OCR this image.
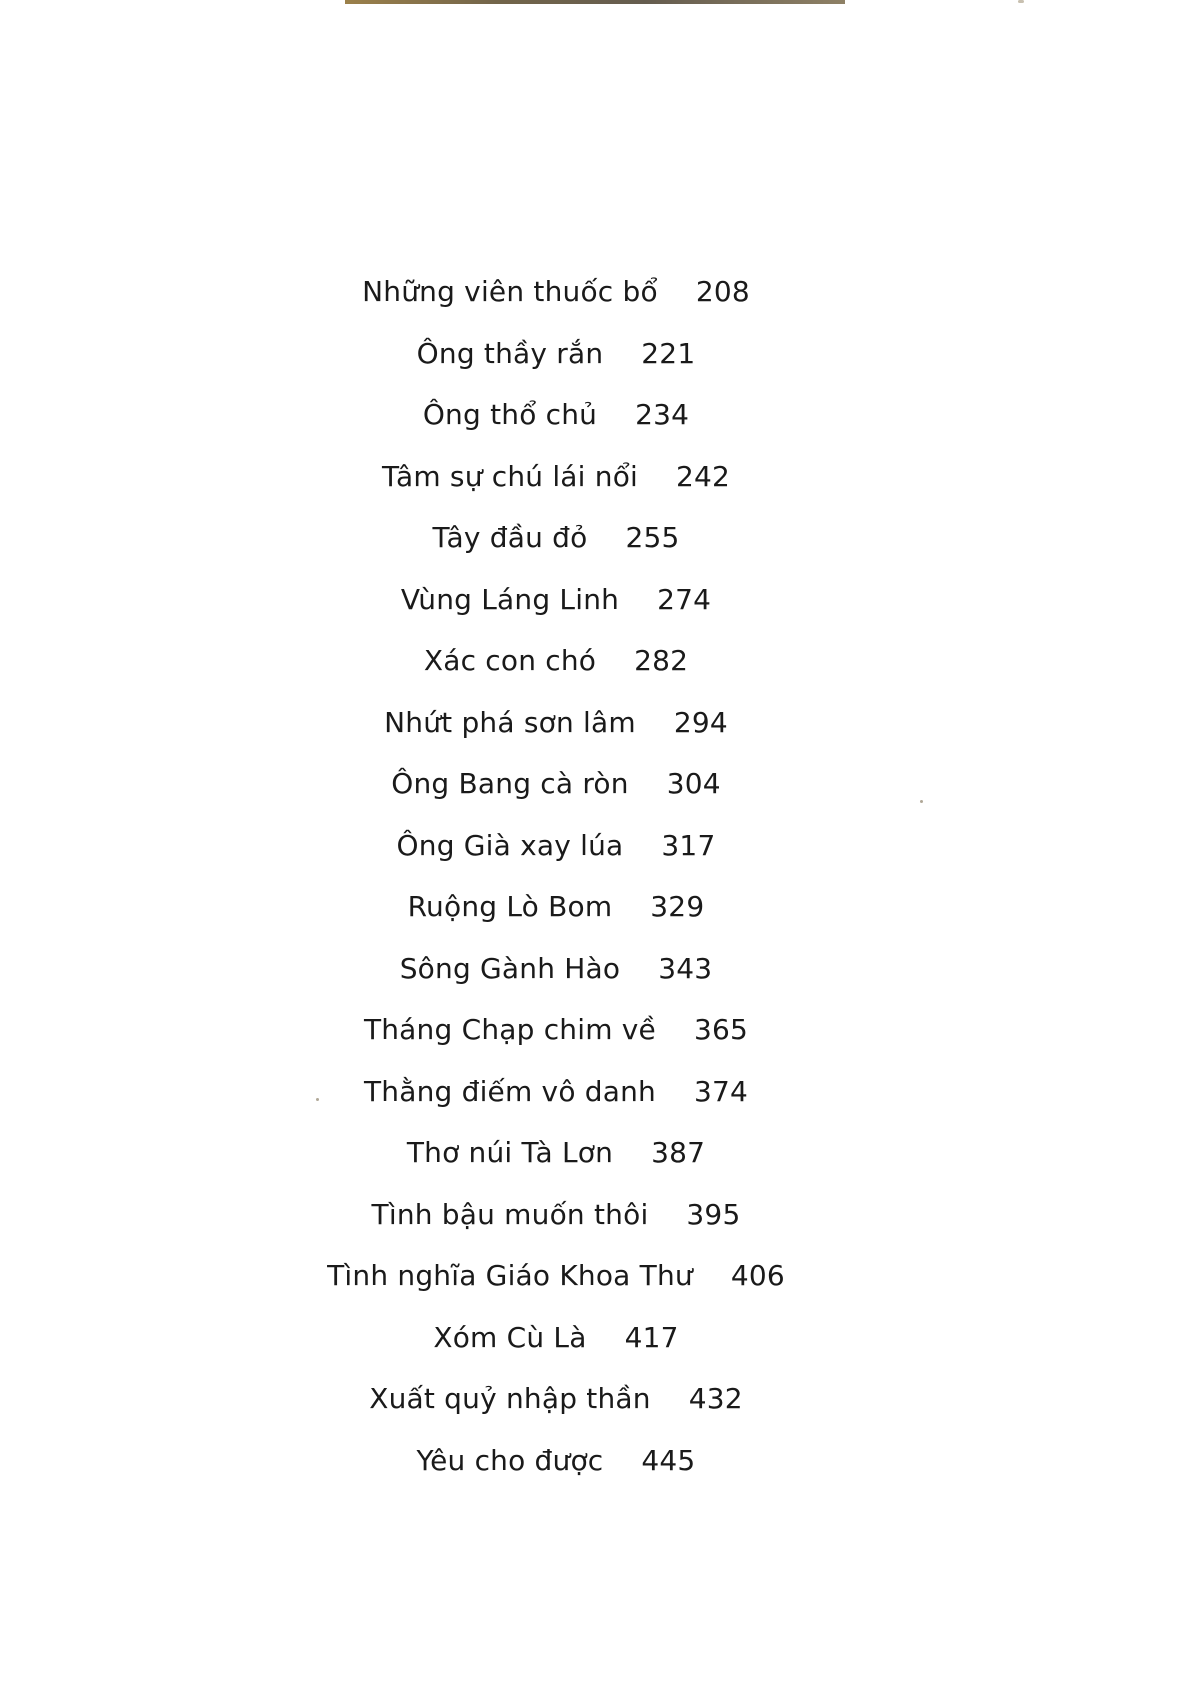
Những viên thuốc bổ 208
Ông thầy rắn 221
Ông thổ chủ 234
Tâm sự chú lái nổi 242
Tây đầu đỏ 255
Vùng Láng Linh 274
Xác con chó 282
Nhứt phá sơn lâm 294
Ông Bang cà ròn 304
Ông Già xay lúa 317
Ruộng Lò Bom 329
Sông Gành Hào 343
Tháng Chạp chim về 365
Thằng điếm vô danh 374
Thơ núi Tà Lơn 387
Tình bậu muốn thôi 395
Tình nghĩa Giáo Khoa Thư 406
Xóm Cù Là 417
Xuất quỷ nhập thần 432
Yêu cho được 445
